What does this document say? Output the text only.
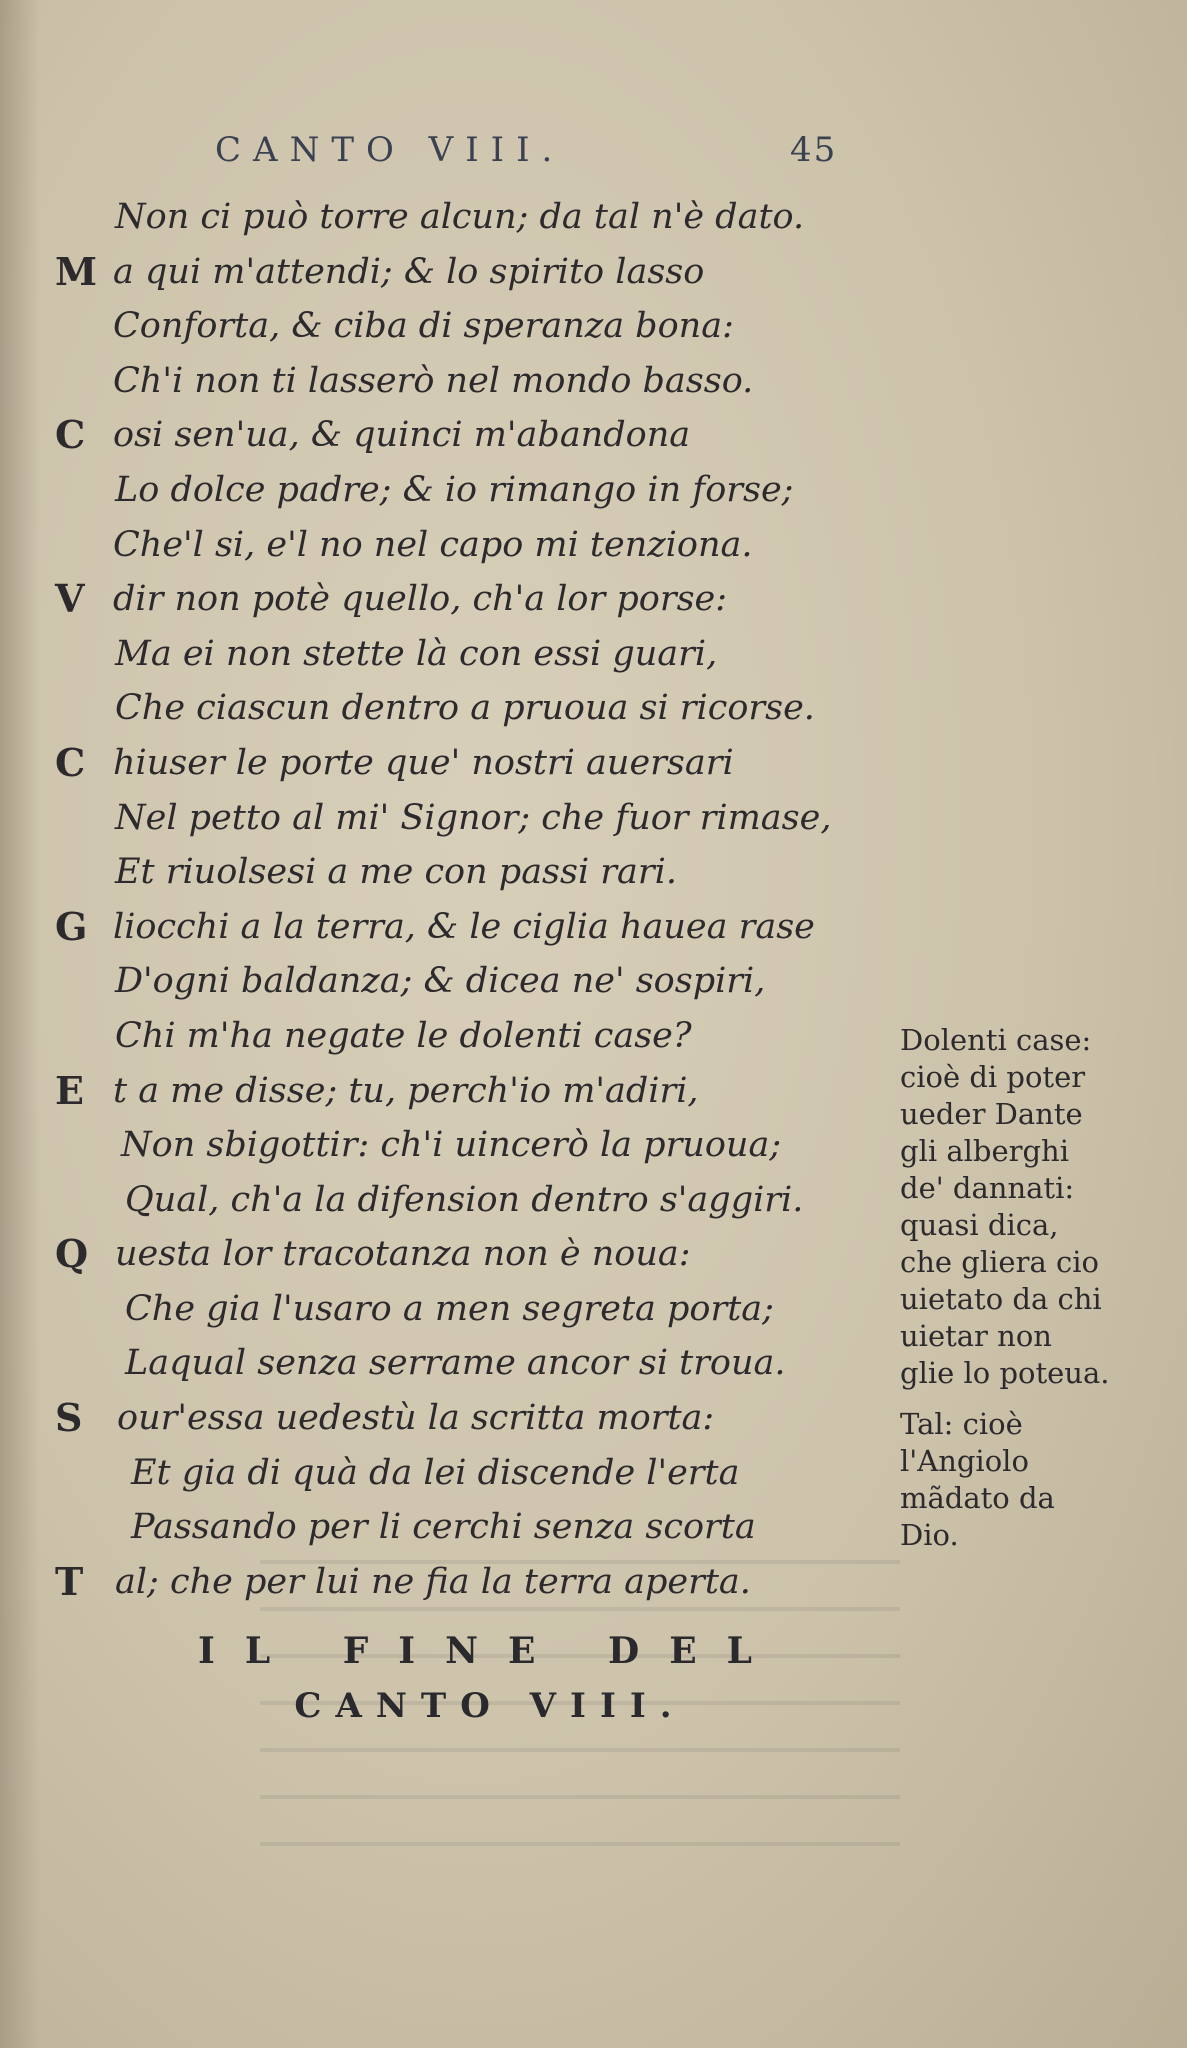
CANTO VIII.	45
Non ci può torre alcun; da tal n'è dato.
M a qui m'attendi; & lo spirito lasso
Conforta, & ciba di speranza bona:
Ch'i non ti lasserò nel mondo basso.
C osi sen'ua, & quinci m'abandona
Lo dolce padre; & io rimango in forse;
Che'l si, e'l no nel capo mi tenziona.
V dir non potè quello, ch'a lor porse:
Ma ei non stette là con essi guari,
Che ciascun dentro a pruoua si ricorse.
C hiuser le porte que' nostri auersari
Nel petto al mi' Signor; che fuor rimase,
Et riuolsesi a me con passi rari.
G liocchi a la terra, & le ciglia hauea rase
D'ogni baldanza; & dicea ne' sospiri,
Chi m'ha negate le dolenti case?
E t a me disse; tu, perch'io m'adiri,
Non sbigottir: ch'i uincerò la pruoua;
Qual, ch'a la difension dentro s'aggiri.
Q uesta lor tracotanza non è noua:
Che gia l'usaro a men segreta porta;
Laqual senza serrame ancor si troua.
S our'essa uedestù la scritta morta:
Et gia di quà da lei discende l'erta
Passando per li cerchi senza scorta
T al; che per lui ne fia la terra aperta.

Dolenti case: cioè di poter ueder Dante gli alberghi de' dannati: quasi dica, che gliera cio uietato da chi uietar non glie lo poteua.

Tal: cioè l'Angiolo mãdato da Dio.

IL FINE DEL
CANTO VIII.
